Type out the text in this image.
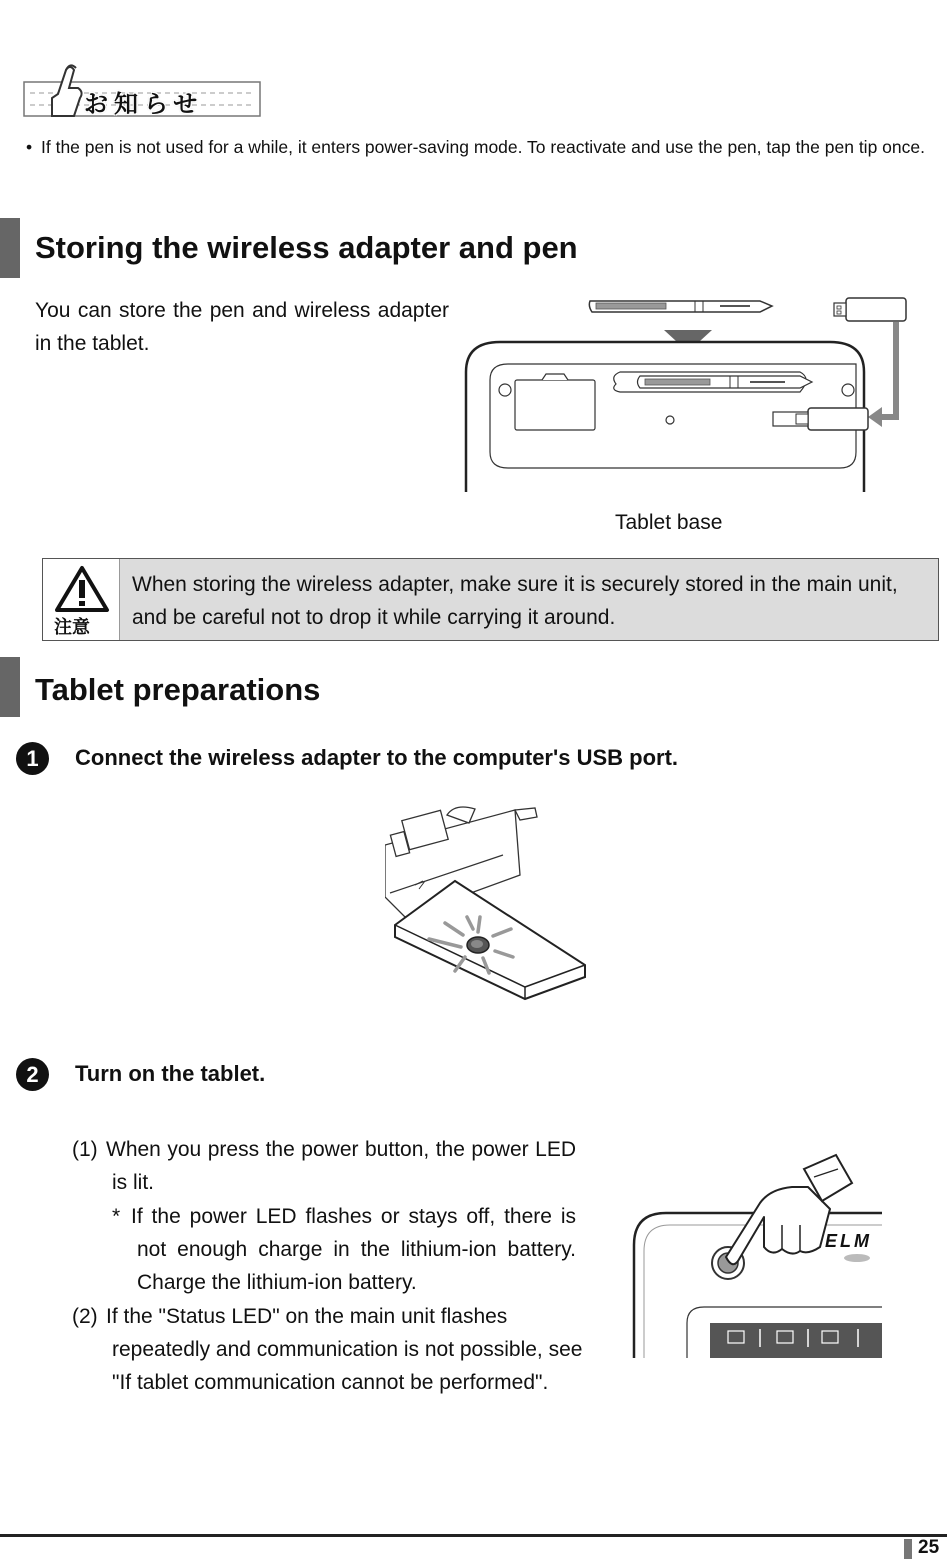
お知らせ
• If the pen is not used for a while, it enters power-saving mode. To reactivate and use the pen, tap the pen tip once.
Storing the wireless adapter and pen
You can store the pen and wireless adapter in the tablet.
Tablet base
注意
When storing the wireless adapter, make sure it is securely stored in the main unit, and be careful not to drop it while carrying it around.
Tablet preparations
1	Connect the wireless adapter to the computer's USB port.
2	Turn on the tablet.
(1) When you press the power button, the power LED is lit.
* If the power LED flashes or stays off, there is not enough charge in the lithium-ion battery. Charge the lithium-ion battery.
(2) If the "Status LED" on the main unit flashes repeatedly and communication is not possible, see "If tablet communication cannot be performed".
ELM
25
